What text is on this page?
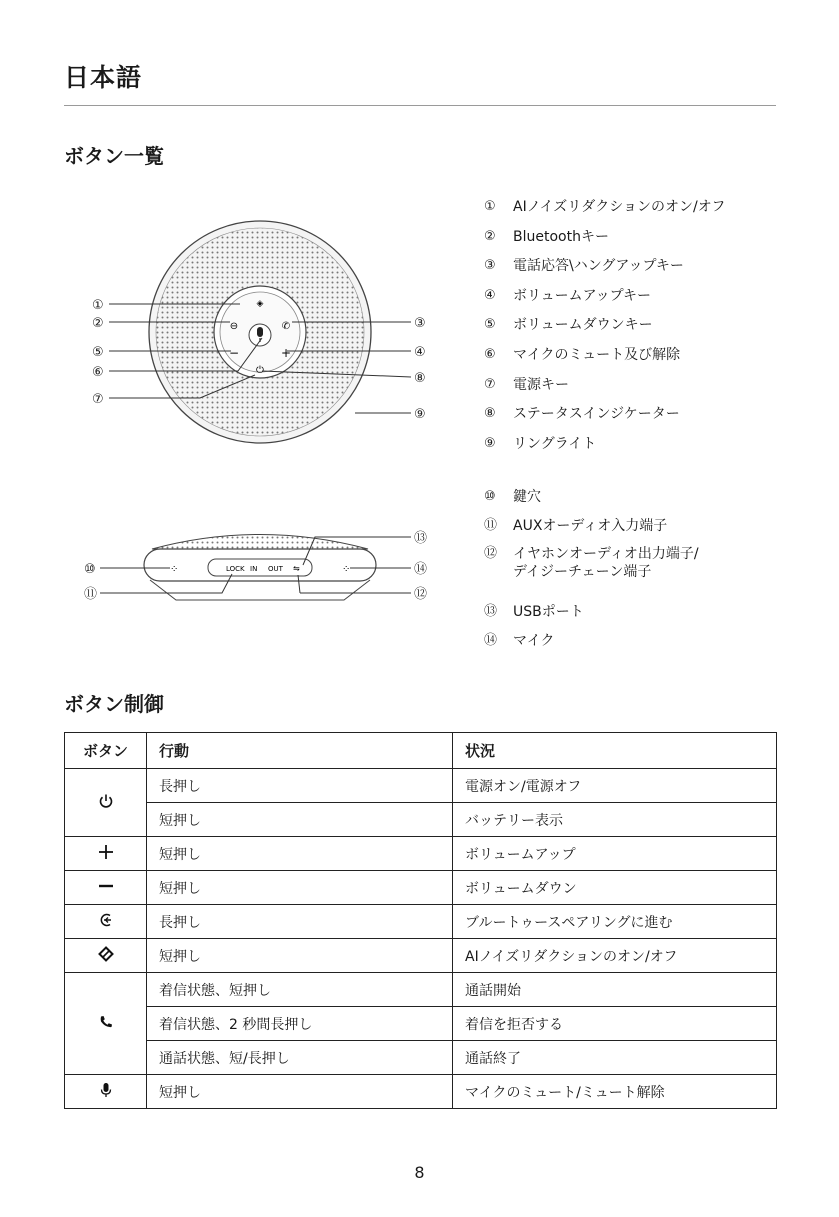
日本語
ボタン一覧
◈
⊖	✆
−	+
⏻
①
②	③
④
⑤
⑥
⑦
⑧
⑨
LOCK IN OUT ⇋
⁘	⁘
⑩
⑪	⑫
⑬
⑭
① AIノイズリダクションのオン/オフ
② Bluetoothキー
③ 電話応答\ハングアップキー
④ ボリュームアップキー
⑤ ボリュームダウンキー
⑥ マイクのミュート及び解除
⑦ 電源キー
⑧ ステータスインジケーター
⑨ リングライト
⑩ 鍵穴
⑪ AUXオーディオ入力端子
⑫ イヤホンオーディオ出力端子/
デイジーチェーン端子
⑬ USBポート
⑭ マイク
ボタン制御
ボタン	行動	状況
	長押し	電源オン/電源オフ
	短押し	バッテリー表示
	短押し	ボリュームアップ
	短押し	ボリュームダウン
	長押し	ブルートゥースペアリングに進む
	短押し	AIノイズリダクションのオン/オフ
	着信状態、短押し	通話開始
	着信状態、2 秒間長押し	着信を拒否する
	通話状態、短/長押し	通話終了
	短押し	マイクのミュート/ミュート解除
8
